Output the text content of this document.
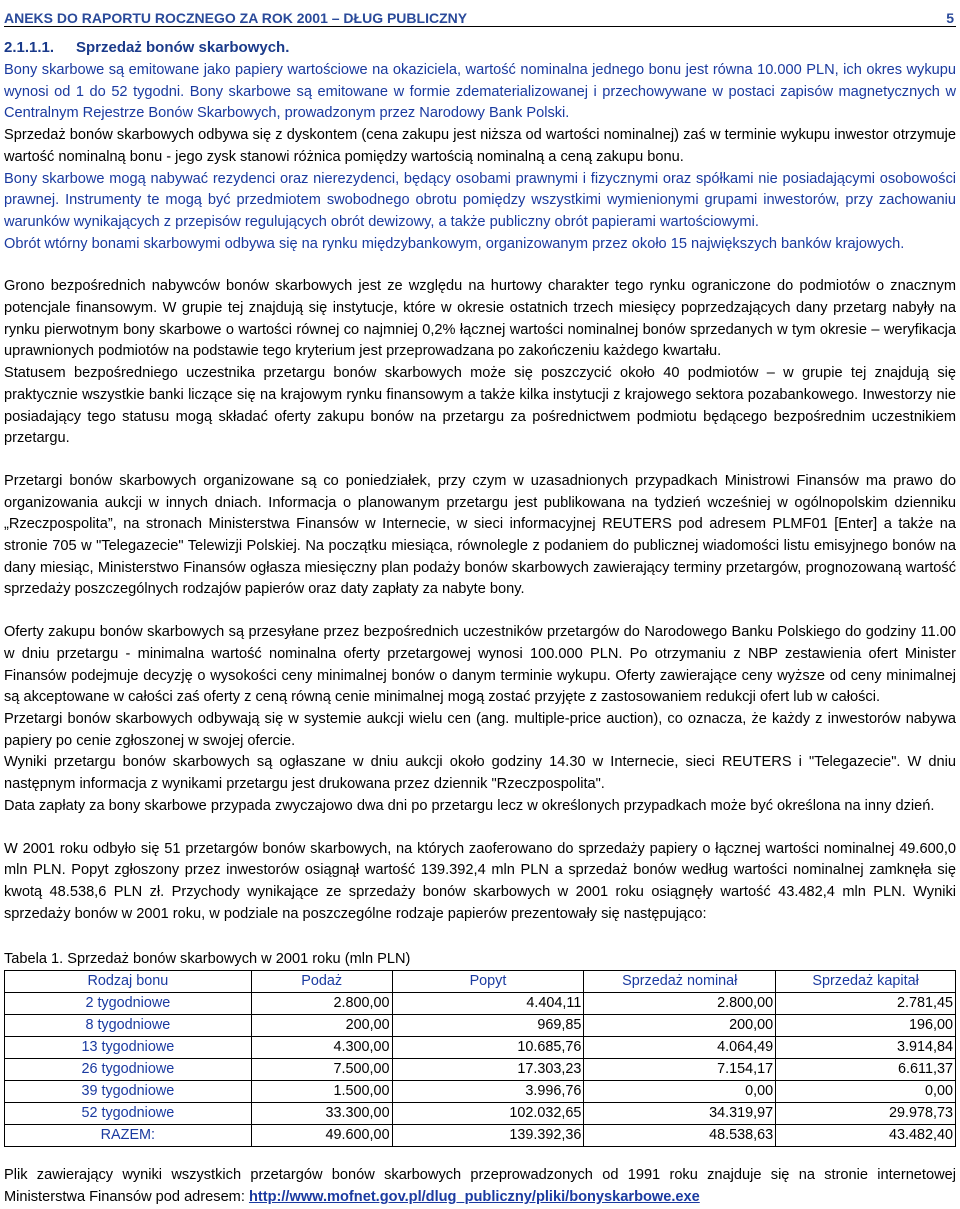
ANEKS DO RAPORTU ROCZNEGO ZA ROK 2001 – DŁUG PUBLICZNY	5
2.1.1.1. Sprzedaż bonów skarbowych.

Bony skarbowe są emitowane jako papiery wartościowe na okaziciela, wartość nominalna jednego bonu jest równa 10.000 PLN, ich okres wykupu wynosi od 1 do 52 tygodni. Bony skarbowe są emitowane w formie zdematerializowanej i przechowywane w postaci zapisów magnetycznych w Centralnym Rejestrze Bonów Skarbowych, prowadzonym przez Narodowy Bank Polski.

Sprzedaż bonów skarbowych odbywa się z dyskontem (cena zakupu jest niższa od wartości nominalnej) zaś w terminie wykupu inwestor otrzymuje wartość nominalną bonu - jego zysk stanowi różnica pomiędzy wartością nominalną a ceną zakupu bonu.

Bony skarbowe mogą nabywać rezydenci oraz nierezydenci, będący osobami prawnymi i fizycznymi oraz spółkami nie posiadającymi osobowości prawnej. Instrumenty te mogą być przedmiotem swobodnego obrotu pomiędzy wszystkimi wymienionymi grupami inwestorów, przy zachowaniu warunków wynikających z przepisów regulujących obrót dewizowy, a także publiczny obrót papierami wartościowymi.

Obrót wtórny bonami skarbowymi odbywa się na rynku międzybankowym, organizowanym przez około 15 największych banków krajowych.

Grono bezpośrednich nabywców bonów skarbowych jest ze względu na hurtowy charakter tego rynku ograniczone do podmiotów o znacznym potencjale finansowym. W grupie tej znajdują się instytucje, które w okresie ostatnich trzech miesięcy poprzedzających dany przetarg nabyły na rynku pierwotnym bony skarbowe o wartości równej co najmniej 0,2% łącznej wartości nominalnej bonów sprzedanych w tym okresie – weryfikacja uprawnionych podmiotów na podstawie tego kryterium jest przeprowadzana po zakończeniu każdego kwartału.

Statusem bezpośredniego uczestnika przetargu bonów skarbowych może się poszczycić około 40 podmiotów – w grupie tej znajdują się praktycznie wszystkie banki liczące się na krajowym rynku finansowym a także kilka instytucji z krajowego sektora pozabankowego. Inwestorzy nie posiadający tego statusu mogą składać oferty zakupu bonów na przetargu za pośrednictwem podmiotu będącego bezpośrednim uczestnikiem przetargu.

Przetargi bonów skarbowych organizowane są co poniedziałek, przy czym w uzasadnionych przypadkach Ministrowi Finansów ma prawo do organizowania aukcji w innych dniach. Informacja o planowanym przetargu jest publikowana na tydzień wcześniej w ogólnopolskim dzienniku „Rzeczpospolita”, na stronach Ministerstwa Finansów w Internecie, w sieci informacyjnej REUTERS pod adresem PLMF01 [Enter] a także na stronie 705 w "Telegazecie" Telewizji Polskiej. Na początku miesiąca, równolegle z podaniem do publicznej wiadomości listu emisyjnego bonów na dany miesiąc, Ministerstwo Finansów ogłasza miesięczny plan podaży bonów skarbowych zawierający terminy przetargów, prognozowaną wartość sprzedaży poszczególnych rodzajów papierów oraz daty zapłaty za nabyte bony.

Oferty zakupu bonów skarbowych są przesyłane przez bezpośrednich uczestników przetargów do Narodowego Banku Polskiego do godziny 11.00 w dniu przetargu - minimalna wartość nominalna oferty przetargowej wynosi 100.000 PLN. Po otrzymaniu z NBP zestawienia ofert Minister Finansów podejmuje decyzję o wysokości ceny minimalnej bonów o danym terminie wykupu. Oferty zawierające ceny wyższe od ceny minimalnej są akceptowane w całości zaś oferty z ceną równą cenie minimalnej mogą zostać przyjęte z zastosowaniem redukcji ofert lub w całości.

Przetargi bonów skarbowych odbywają się w systemie aukcji wielu cen (ang. multiple-price auction), co oznacza, że każdy z inwestorów nabywa papiery po cenie zgłoszonej w swojej ofercie.

Wyniki przetargu bonów skarbowych są ogłaszane w dniu aukcji około godziny 14.30 w Internecie, sieci REUTERS i "Telegazecie". W dniu następnym informacja z wynikami przetargu jest drukowana przez dziennik "Rzeczpospolita".

Data zapłaty za bony skarbowe przypada zwyczajowo dwa dni po przetargu lecz w określonych przypadkach może być określona na inny dzień.

W 2001 roku odbyło się 51 przetargów bonów skarbowych, na których zaoferowano do sprzedaży papiery o łącznej wartości nominalnej 49.600,0 mln PLN. Popyt zgłoszony przez inwestorów osiągnął wartość 139.392,4 mln PLN a sprzedaż bonów według wartości nominalnej zamknęła się kwotą 48.538,6 PLN zł. Przychody wynikające ze sprzedaży bonów skarbowych w 2001 roku osiągnęły wartość 43.482,4 mln PLN. Wyniki sprzedaży bonów w 2001 roku, w podziale na poszczególne rodzaje papierów prezentowały się następująco:

Tabela 1. Sprzedaż bonów skarbowych w 2001 roku (mln PLN)
Rodzaj bonu	Podaż	Popyt	Sprzedaż nominał	Sprzedaż kapitał
2 tygodniowe	2.800,00	4.404,11	2.800,00	2.781,45
8 tygodniowe	200,00	969,85	200,00	196,00
13 tygodniowe	4.300,00	10.685,76	4.064,49	3.914,84
26 tygodniowe	7.500,00	17.303,23	7.154,17	6.611,37
39 tygodniowe	1.500,00	3.996,76	0,00	0,00
52 tygodniowe	33.300,00	102.032,65	34.319,97	29.978,73
RAZEM:	49.600,00	139.392,36	48.538,63	43.482,40

Plik zawierający wyniki wszystkich przetargów bonów skarbowych przeprowadzonych od 1991 roku znajduje się na stronie internetowej Ministerstwa Finansów pod adresem: http://www.mofnet.gov.pl/dlug_publiczny/pliki/bonyskarbowe.exe
